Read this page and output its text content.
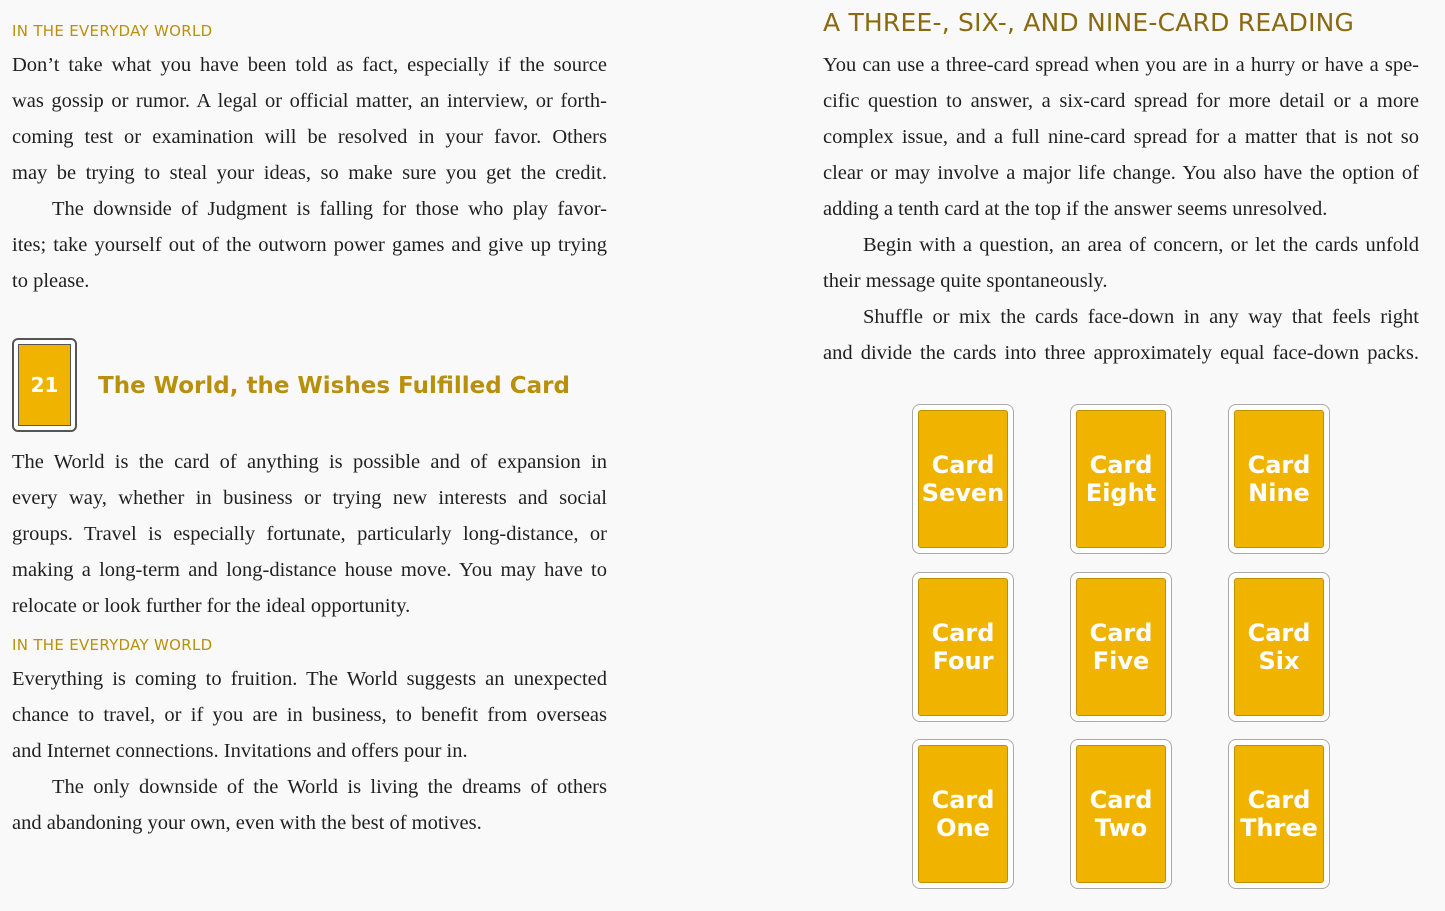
IN THE EVERYDAY WORLD
Don’t take what you have been told as fact, especially if the source
was gossip or rumor. A legal or official matter, an interview, or forth-
coming test or examination will be resolved in your favor. Others
may be trying to steal your ideas, so make sure you get the credit.
The downside of Judgment is falling for those who play favor-
ites; take yourself out of the outworn power games and give up trying
to please.
21	The World, the Wishes Fulfilled Card
The World is the card of anything is possible and of expansion in
every way, whether in business or trying new interests and social
groups. Travel is especially fortunate, particularly long-distance, or
making a long-term and long-distance house move. You may have to
relocate or look further for the ideal opportunity.
IN THE EVERYDAY WORLD
Everything is coming to fruition. The World suggests an unexpected
chance to travel, or if you are in business, to benefit from overseas
and Internet connections. Invitations and offers pour in.
The only downside of the World is living the dreams of others
and abandoning your own, even with the best of motives.
A THREE-, SIX-, AND NINE-CARD READING
You can use a three-card spread when you are in a hurry or have a spe-
cific question to answer, a six-card spread for more detail or a more
complex issue, and a full nine-card spread for a matter that is not so
clear or may involve a major life change. You also have the option of
adding a tenth card at the top if the answer seems unresolved.
Begin with a question, an area of concern, or let the cards unfold
their message quite spontaneously.
Shuffle or mix the cards face-down in any way that feels right
and divide the cards into three approximately equal face-down packs.
Card
Seven
Card
Eight
Card
Nine
Card
Four
Card
Five
Card
Six
Card
One
Card
Two
Card
Three
